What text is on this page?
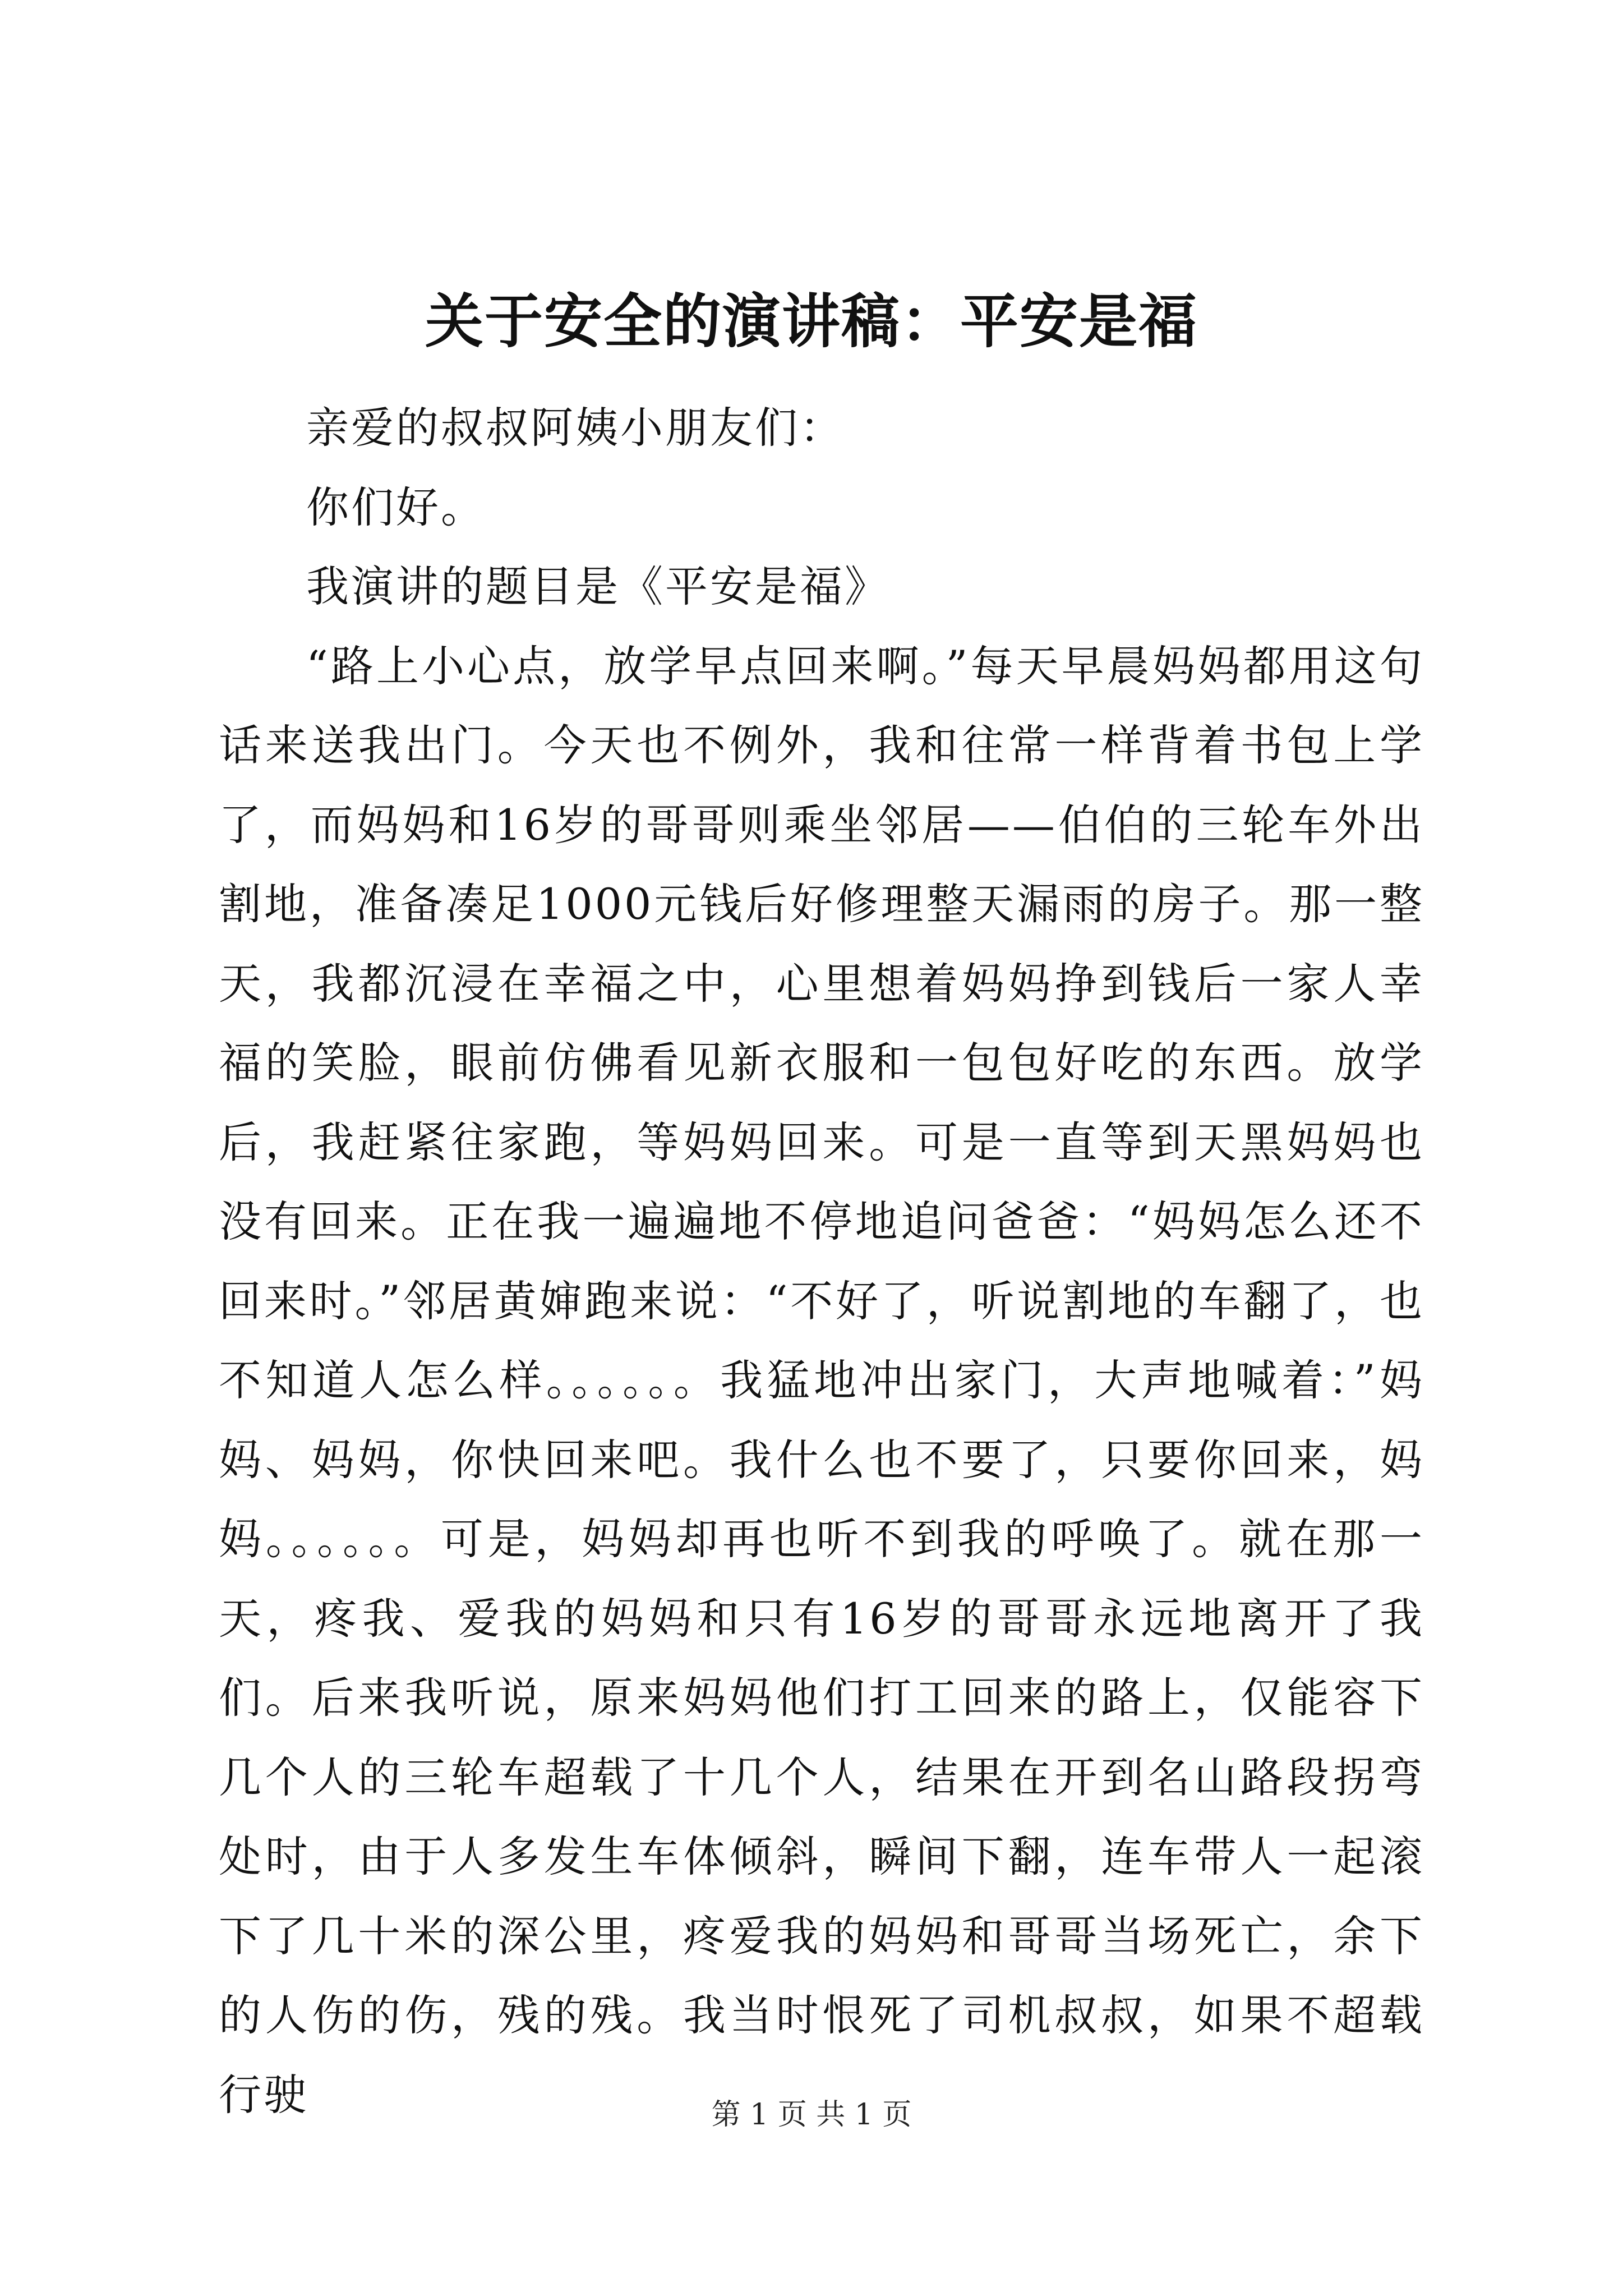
关于安全的演讲稿：平安是福

亲爱的叔叔阿姨小朋友们：

你们好。

我演讲的题目是《平安是福》

“路上小心点，放学早点回来啊。”每天早晨妈妈都用这句话来送我出门。今天也不例外，我和往常一样背着书包上学了，而妈妈和16岁的哥哥则乘坐邻居——伯伯的三轮车外出割地，准备凑足1000元钱后好修理整天漏雨的房子。那一整天，我都沉浸在幸福之中，心里想着妈妈挣到钱后一家人幸福的笑脸，眼前仿佛看见新衣服和一包包好吃的东西。放学后，我赶紧往家跑，等妈妈回来。可是一直等到天黑妈妈也没有回来。正在我一遍遍地不停地追问爸爸：“妈妈怎么还不回来时。”邻居黄婶跑来说：“不好了，听说割地的车翻了，也不知道人怎么样。。。。。。我猛地冲出家门，大声地喊着：”妈妈、妈妈，你快回来吧。我什么也不要了，只要你回来，妈妈。。。。。。可是，妈妈却再也听不到我的呼唤了。就在那一天，疼我、爱我的妈妈和只有16岁的哥哥永远地离开了我们。后来我听说，原来妈妈他们打工回来的路上，仅能容下几个人的三轮车超载了十几个人，结果在开到名山路段拐弯处时，由于人多发生车体倾斜，瞬间下翻，连车带人一起滚下了几十米的深公里，疼爱我的妈妈和哥哥当场死亡，余下的人伤的伤，残的残。我当时恨死了司机叔叔，如果不超载行驶	第 1 页 共 1 页
